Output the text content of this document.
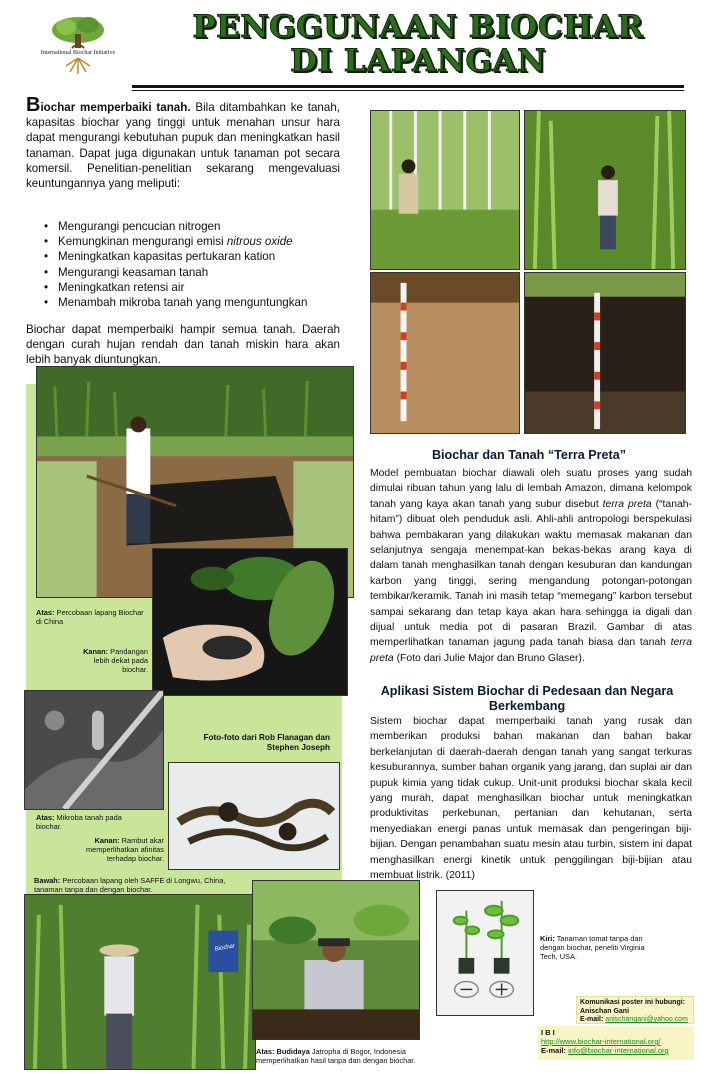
International Biochar Initiative
PENGGUNAAN BIOCHAR
DI LAPANGAN
Biochar memperbaiki tanah. Bila ditambahkan ke tanah, kapasitas biochar yang tinggi untuk menahan unsur hara dapat mengurangi kebutuhan pupuk dan meningkatkan hasil tanaman. Dapat juga digunakan untuk tanaman pot secara komersil. Penelitian-penelitian sekarang mengevaluasi keuntungannya yang meliputi:
• Mengurangi pencucian nitrogen
• Kemungkinan mengurangi emisi nitrous oxide
• Meningkatkan kapasitas pertukaran kation
• Mengurangi keasaman tanah
• Meningkatkan retensi air
• Menambah mikroba tanah yang menguntungkan
Biochar dapat memperbaiki hampir semua tanah. Daerah dengan curah hujan rendah dan tanah miskin hara akan lebih banyak diuntungkan.
Atas: Percobaan lapang Biochar di China
Kanan: Pandangan lebih dekat pada biochar.
Foto-foto dari Rob Flanagan dan Stephen Joseph
Atas: Mikroba tanah pada biochar.
Kanan: Rambut akar memperlihatkan afinitas terhadap biochar.
Bawah: Percobaan lapang oleh SAFFE di Longwu, China, tanaman tanpa dan dengan biochar.
Biochar
Atas: Budidaya Jatropha di Bogor, Indonesia memperlihatkan hasil tanpa dan dengan biochar.
Biochar dan Tanah “Terra Preta”
Model pembuatan biochar diawali oleh suatu proses yang sudah dimulai ribuan tahun yang lalu di lembah Amazon, dimana kelompok tanah yang kaya akan tanah yang subur disebut terra preta (“tanah-hitam”) dibuat oleh penduduk asli. Ahli-ahli antropologi berspekulasi bahwa pembakaran yang dilakukan waktu memasak makanan dan selanjutnya sengaja menempat-kan bekas-bekas arang kaya di dalam tanah menghasilkan tanah dengan kesuburan dan kandungan karbon yang tinggi, sering mengandung potongan-potongan tembikar/keramik. Tanah ini masih tetap “memegang” karbon tersebut sampai sekarang dan tetap kaya akan hara sehingga ia digali dan dijual untuk media pot di pasaran Brazil. Gambar di atas memperlihatkan tanaman jagung pada tanah biasa dan tanah terra preta (Foto dari Julie Major dan Bruno Glaser).
Aplikasi Sistem Biochar di Pedesaan dan Negara Berkembang
Sistem biochar dapat memperbaiki tanah yang rusak dan memberikan produksi bahan makanan dan bahan bakar berkelanjutan di daerah-daerah dengan tanah yang sangat terkuras kesuburannya, sumber bahan organik yang jarang, dan suplai air dan pupuk kimia yang tidak cukup. Unit-unit produksi biochar skala kecil yang murah, dapat menghasilkan biochar untuk meningkatkan produktivitas perkebunan, pertanian dan kehutanan, serta menyediakan energi panas untuk memasak dan pengeringan biji-bijian. Dengan penambahan suatu mesin atau turbin, sistem ini dapat menghasilkan energi kinetik untuk penggilingan biji-bijian atau membuat listrik. (2011)
Kiri: Tanaman tomat tanpa dan dengan biochar, peneliti Virginia Tech, USA.
Komunikasi poster ini hubungi:
Anischan Gani
E-mail: anischangani@yahoo.com
I B I
http://www.biochar-international.org/
E-mail: info@biochar-international.org
